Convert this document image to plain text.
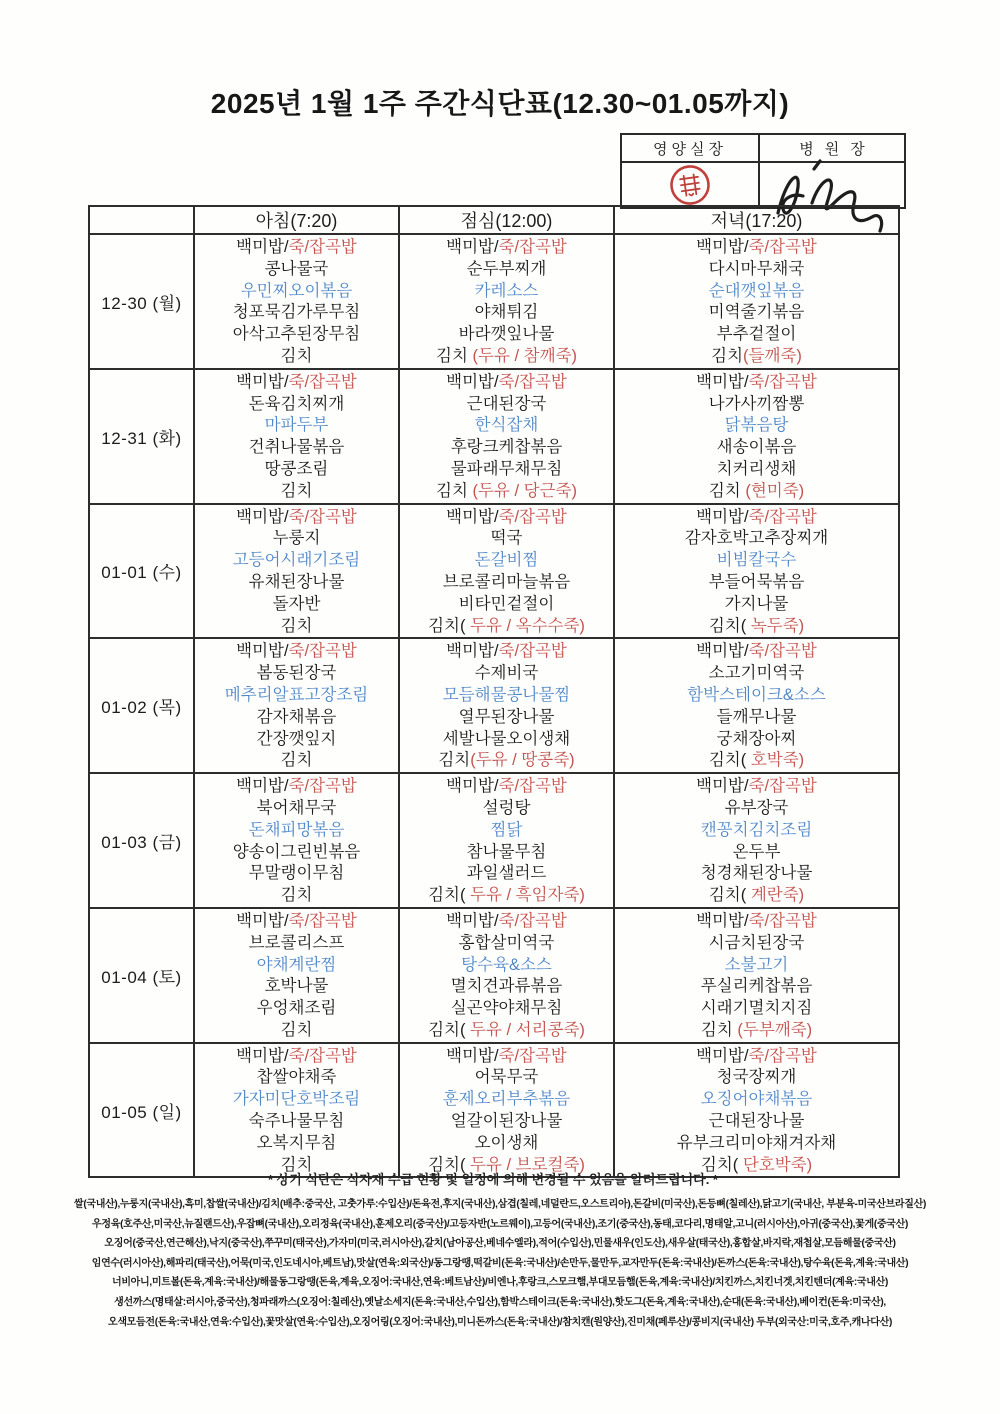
2025년 1월 1주 주간식단표(12.30~01.05까지)
영양실장	병원장
	아침(7:20)	점심(12:00)	저녁(17:20)
12-30 (월)	
백미밥/죽/잡곡밥
콩나물국
우민찌오이볶음
청포묵김가루무침
아삭고추된장무침
김치

백미밥/죽/잡곡밥
순두부찌개
카레소스
야채튀김
바라깻잎나물
김치 (두유 / 참깨죽)

백미밥/죽/잡곡밥
다시마무채국
순대깻잎볶음
미역줄기볶음
부추겉절이
김치(들깨죽)

12-31 (화)	
백미밥/죽/잡곡밥
돈육김치찌개
마파두부
건취나물볶음
땅콩조림
김치

백미밥/죽/잡곡밥
근대된장국
한식잡채
후랑크케찹볶음
물파래무채무침
김치 (두유 / 당근죽)

백미밥/죽/잡곡밥
나가사끼짬뽕
닭볶음탕
새송이볶음
치커리생채
김치 (현미죽)

01-01 (수)	
백미밥/죽/잡곡밥
누룽지
고등어시래기조림
유채된장나물
돌자반
김치

백미밥/죽/잡곡밥
떡국
돈갈비찜
브로콜리마늘볶음
비타민겉절이
김치( 두유 / 옥수수죽)

백미밥/죽/잡곡밥
감자호박고추장찌개
비빔칼국수
부들어묵볶음
가지나물
김치( 녹두죽)

01-02 (목)	
백미밥/죽/잡곡밥
봄동된장국
메추리알표고장조림
감자채볶음
간장깻잎지
김치

백미밥/죽/잡곡밥
수제비국
모듬해물콩나물찜
열무된장나물
세발나물오이생채
김치(두유 / 땅콩죽)

백미밥/죽/잡곡밥
소고기미역국
함박스테이크&소스
들깨무나물
궁채장아찌
김치( 호박죽)

01-03 (금)	
백미밥/죽/잡곡밥
북어채무국
돈채피망볶음
양송이그린빈볶음
무말랭이무침
김치

백미밥/죽/잡곡밥
설렁탕
찜닭
참나물무침
과일샐러드
김치( 두유 / 흑임자죽)

백미밥/죽/잡곡밥
유부장국
캔꽁치김치조림
온두부
청경채된장나물
김치( 계란죽)

01-04 (토)	
백미밥/죽/잡곡밥
브로콜리스프
야채계란찜
호박나물
우엉채조림
김치

백미밥/죽/잡곡밥
홍합살미역국
탕수육&소스
멸치견과류볶음
실곤약야채무침
김치( 두유 / 서리콩죽)

백미밥/죽/잡곡밥
시금치된장국
소불고기
푸실리케찹볶음
시래기멸치지짐
김치 (두부깨죽)

01-05 (일)	
백미밥/죽/잡곡밥
찹쌀야채죽
가자미단호박조림
숙주나물무침
오복지무침
김치

백미밥/죽/잡곡밥
어묵무국
훈제오리부추볶음
얼갈이된장나물
오이생채
김치( 두유 / 브로컬죽)

백미밥/죽/잡곡밥
청국장찌개
오징어야채볶음
근대된장나물
유부크리미야채겨자채
김치( 단호박죽)

* 상기 식단은 식자재 수급 현황 및 일정에 의해 변경될 수 있음을 알려드립니다. *

쌀(국내산),누룽지(국내산),흑미,찹쌀(국내산)/김치(배추:중국산, 고춧가루:수입산)/돈육전,후지(국내산),삼겹(칠레,네덜란드,오스트리아),돈갈비(미국산),돈등뼈(칠레산),닭고기(국내산, 부분육-미국산브라질산)
우정육(호주산,미국산,뉴질랜드산),우잡뼈(국내산),오리정육(국내산),훈제오리(중국산)/고등자반(노르웨이),고등어(국내산),조기(중국산),동태,코다리,명태알,고니(러시아산),아귀(중국산),꽃게(중국산)
오징어(중국산,연근해산),낙지(중국산),쭈꾸미(태국산),가자미(미국,러시아산),갈치(남아공산,베네수엘라),적어(수입산),민물새우(인도산),새우살(태국산),홍합살,바지락,재첩살,모듬해물(중국산)
임연수(러시아산),해파리(태국산),어묵(미국,인도네시아,베트남),맛살(연육:외국산)/동그랑땡,떡갈비(돈육:국내산)/손만두,물만두,교자만두(돈육:국내산)/돈까스(돈육:국내산),탕수육(돈육,계육:국내산)
너비아니,미트볼(돈육,계육:국내산)/해물동그랑땡(돈육,계육,오징어:국내산,연육:베트남산)/비엔나,후랑크,스모크햄,부대모듬햄(돈육,계육:국내산)/치킨까스,치킨너겟,치킨텐더(계육:국내산)
생선까스(명태살:러시아,중국산),청파래까스(오징어:칠레산),옛날소세지(돈육:국내산,수입산),함박스테이크(돈육:국내산),핫도그(돈육,계육:국내산),순대(돈육:국내산),베이컨(돈육:미국산),
오색모듬전(돈육:국내산,연육:수입산),꽃맛살(연육:수입산),오징어링(오징어:국내산),미니돈까스(돈육:국내산)/참치캔(원양산),진미채(페루산)/콩비지(국내산) 두부(외국산:미국,호주,캐나다산)
